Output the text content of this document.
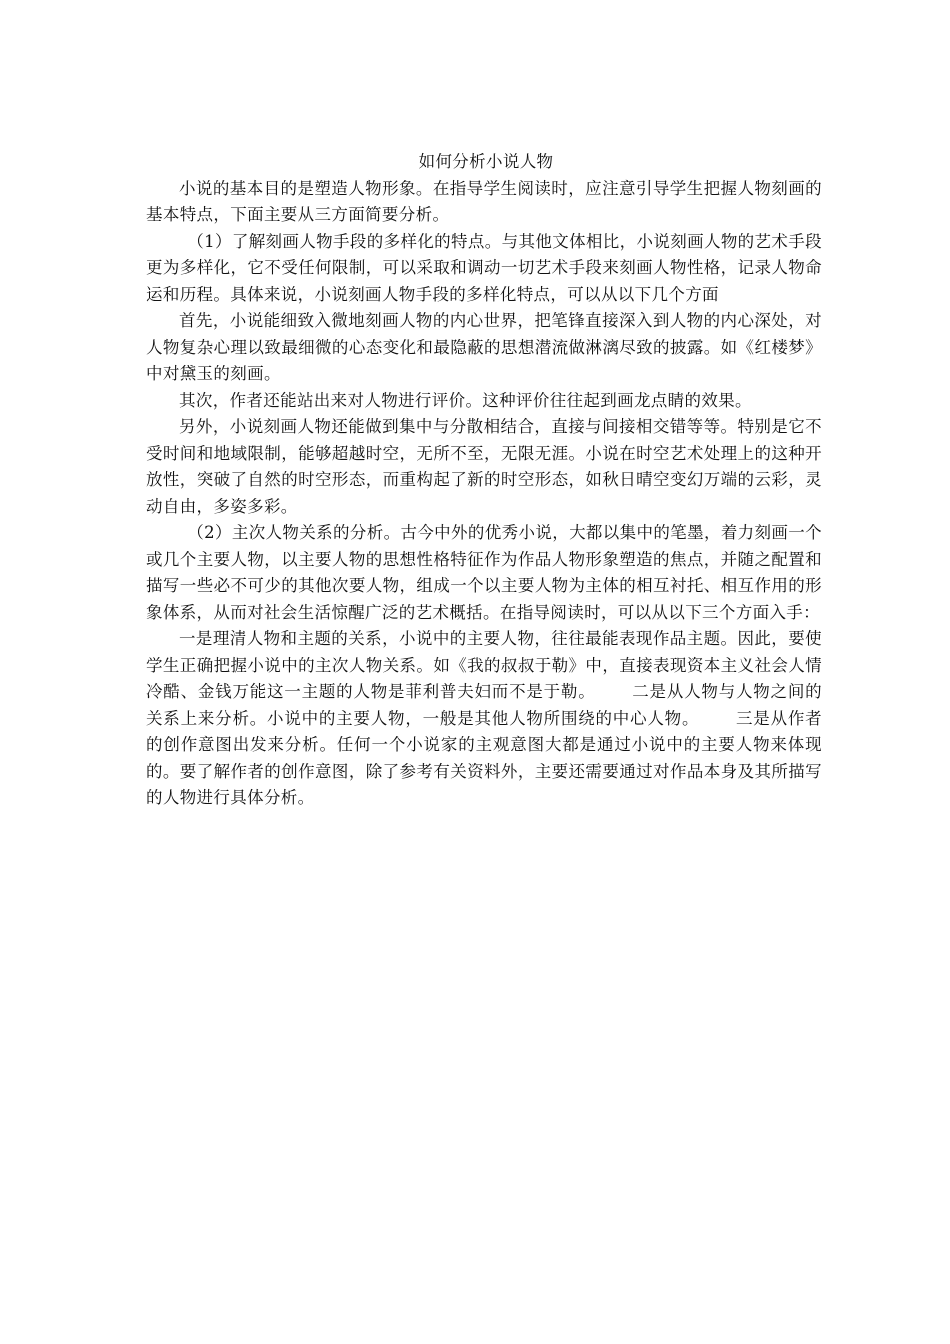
如何分析小说人物

小说的基本目的是塑造人物形象。在指导学生阅读时，应注意引导学生把握人物刻画的基本特点，下面主要从三方面简要分析。

（1）了解刻画人物手段的多样化的特点。与其他文体相比，小说刻画人物的艺术手段更为多样化，它不受任何限制，可以采取和调动一切艺术手段来刻画人物性格，记录人物命运和历程。具体来说，小说刻画人物手段的多样化特点，可以从以下几个方面

首先，小说能细致入微地刻画人物的内心世界，把笔锋直接深入到人物的内心深处，对人物复杂心理以致最细微的心态变化和最隐蔽的思想潜流做淋漓尽致的披露。如《红楼梦》中对黛玉的刻画。

其次，作者还能站出来对人物进行评价。这种评价往往起到画龙点睛的效果。

另外，小说刻画人物还能做到集中与分散相结合，直接与间接相交错等等。特别是它不受时间和地域限制，能够超越时空，无所不至，无限无涯。小说在时空艺术处理上的这种开放性，突破了自然的时空形态，而重构起了新的时空形态，如秋日晴空变幻万端的云彩，灵动自由，多姿多彩。

（2）主次人物关系的分析。古今中外的优秀小说，大都以集中的笔墨，着力刻画一个或几个主要人物，以主要人物的思想性格特征作为作品人物形象塑造的焦点，并随之配置和描写一些必不可少的其他次要人物，组成一个以主要人物为主体的相互衬托、相互作用的形象体系，从而对社会生活惊醒广泛的艺术概括。在指导阅读时，可以从以下三个方面入手：

一是理清人物和主题的关系，小说中的主要人物，往往最能表现作品主题。因此，要使学生正确把握小说中的主次人物关系。如《我的叔叔于勒》中，直接表现资本主义社会人情冷酷、金钱万能这一主题的人物是菲利普夫妇而不是于勒。 二是从人物与人物之间的关系上来分析。小说中的主要人物，一般是其他人物所围绕的中心人物。 三是从作者的创作意图出发来分析。任何一个小说家的主观意图大都是通过小说中的主要人物来体现的。要了解作者的创作意图，除了参考有关资料外，主要还需要通过对作品本身及其所描写的人物进行具体分析。
